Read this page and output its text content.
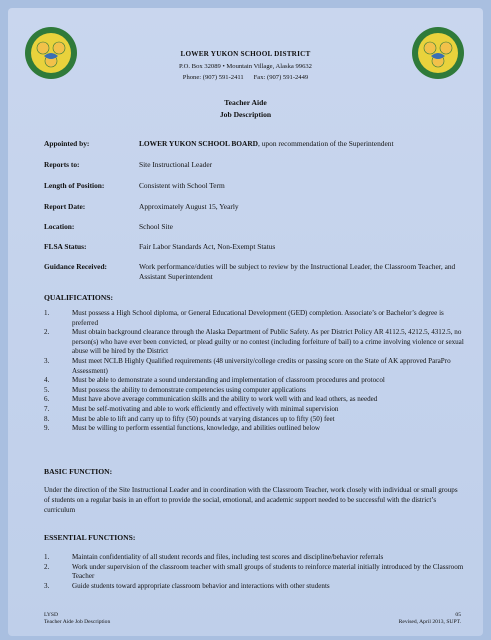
LOWER YUKON SCHOOL DISTRICT
P.O. Box 32089 • Mountain Village, Alaska 99632
Phone: (907) 591-2411 Fax: (907) 591-2449
Teacher Aide
Job Description
Appointed by:	LOWER YUKON SCHOOL BOARD, upon recommendation of the Superintendent
Reports to:	Site Instructional Leader
Length of Position:	Consistent with School Term
Report Date:	Approximately August 15, Yearly
Location:	School Site
FLSA Status:	Fair Labor Standards Act, Non-Exempt Status
Guidance Received:	Work performance/duties will be subject to review by the Instructional Leader, the Classroom Teacher, and Assistant Superintendent
QUALIFICATIONS:
1.	Must possess a High School diploma, or General Educational Development (GED) completion. Associate’s or Bachelor’s degree is preferred
2.	Must obtain background clearance through the Alaska Department of Public Safety. As per District Policy AR 4112.5, 4212.5, 4312.5, no person(s) who have ever been convicted, or plead guilty or no contest (including forfeiture of bail) to a crime involving violence or sexual abuse will be hired by the District
3.	Must meet NCLB Highly Qualified requirements (48 university/college credits or passing score on the State of AK approved ParaPro Assessment)
4.	Must be able to demonstrate a sound understanding and implementation of classroom procedures and protocol
5.	Must possess the ability to demonstrate competencies using computer applications
6.	Must have above average communication skills and the ability to work well with and lead others, as needed
7.	Must be self-motivating and able to work efficiently and effectively with minimal supervision
8.	Must be able to lift and carry up to fifty (50) pounds at varying distances up to fifty (50) feet
9.	Must be willing to perform essential functions, knowledge, and abilities outlined below
BASIC FUNCTION:
Under the direction of the Site Instructional Leader and in coordination with the Classroom Teacher, work closely with individual or small groups of students on a regular basis in an effort to provide the social, emotional, and academic support needed to be successful with the district’s curriculum
ESSENTIAL FUNCTIONS:
1.	Maintain confidentiality of all student records and files, including test scores and discipline/behavior referrals
2.	Work under supervision of the classroom teacher with small groups of students to reinforce material initially introduced by the Classroom Teacher
3.	Guide students toward appropriate classroom behavior and interactions with other students
LYSD
Teacher Aide Job Description
05
Revised, April 2013, SUPT.
